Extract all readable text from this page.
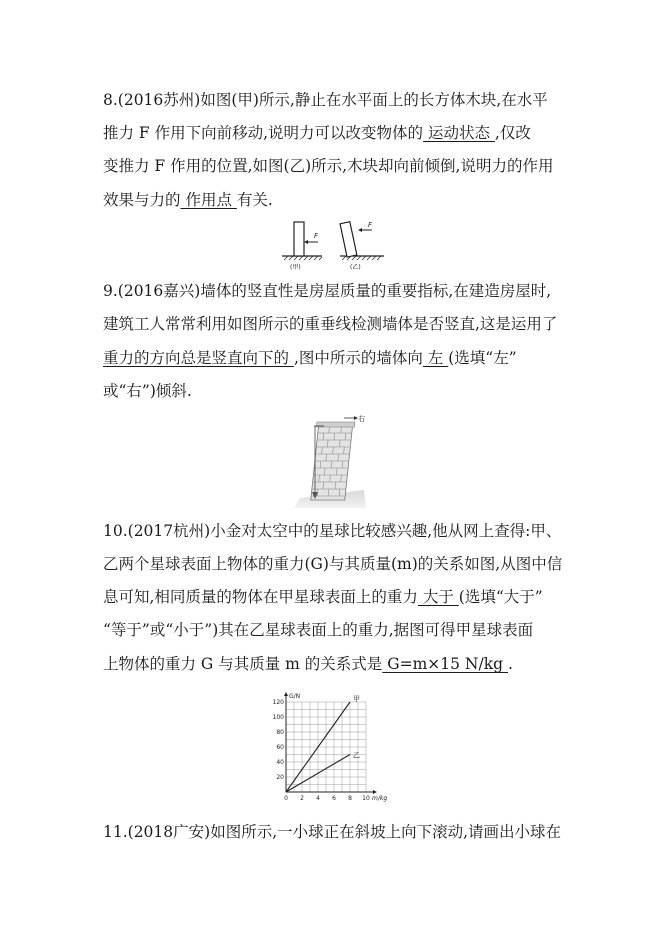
8.(2016苏州)如图(甲)所示,静止在水平面上的长方体木块,在水平
推力 F 作用下向前移动,说明力可以改变物体的 运动状态 ,仅改
变推力 F 作用的位置,如图(乙)所示,木块却向前倾倒,说明力的作用
效果与力的 作用点 有关.
F
(甲)
F
(乙)
9.(2016嘉兴)墙体的竖直性是房屋质量的重要指标,在建造房屋时,
建筑工人常常利用如图所示的重垂线检测墙体是否竖直,这是运用了
重力的方向总是竖直向下的 ,图中所示的墙体向 左 (选填“左”
或“右”)倾斜.
右
10.(2017杭州)小金对太空中的星球比较感兴趣,他从网上查得:甲、
乙两个星球表面上物体的重力(G)与其质量(m)的关系如图,从图中信
息可知,相同质量的物体在甲星球表面上的重力 大于 (选填“大于”
“等于”或“小于”)其在乙星球表面上的重力,据图可得甲星球表面
上物体的重力 G 与其质量 m 的关系式是 G=m×15 N/kg .
0 2 4 6 8 10
20
40
60
80
100
120
G/N
m/kg
甲
乙
11.(2018广安)如图所示,一小球正在斜坡上向下滚动,请画出小球在
